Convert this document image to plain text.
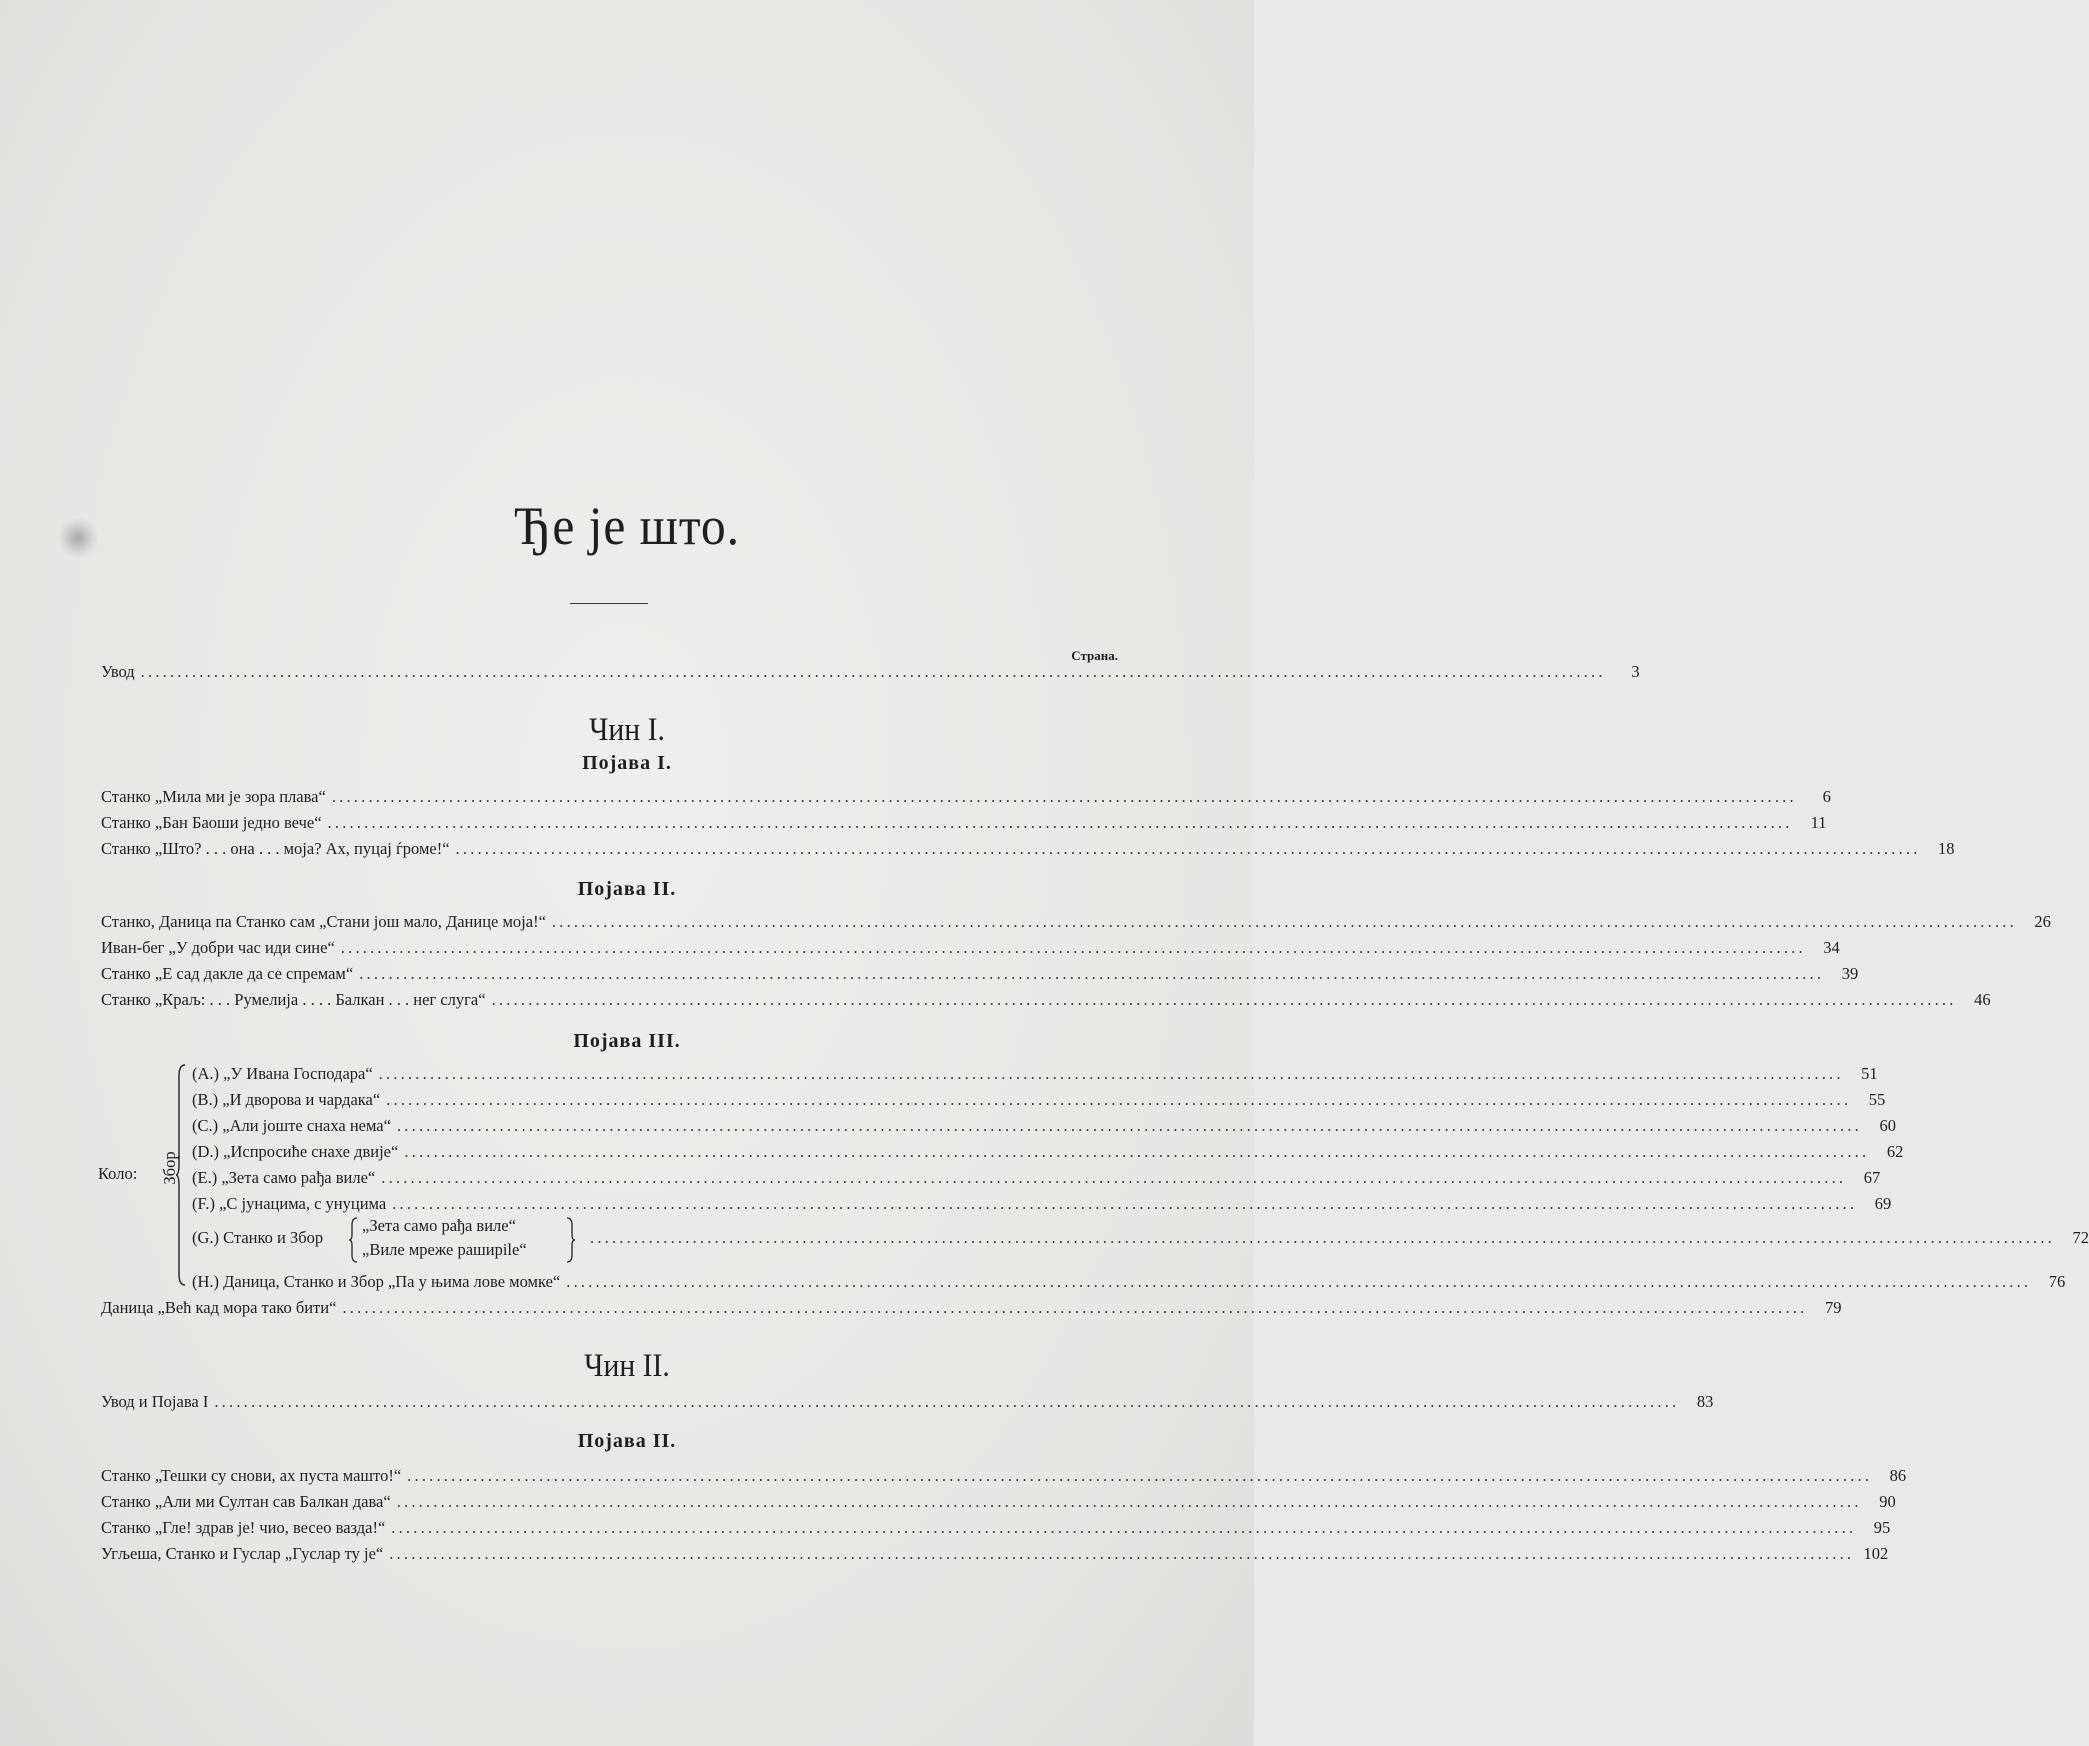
Ђе је што.
Страна.
Увод ........................................................................................................................................................................................................	3
Чин I.
Појава I.
Станко „Мила ми је зора плава“ ........................................................................................................................................................................................................	6
Станко „Бан Баоши једно вече“ ........................................................................................................................................................................................................	11
Станко „Што? . . . она . . . моја? Ах, пуцај ѓроме!“ ........................................................................................................................................................................................................	18
Појава II.
Станко, Даница па Станко сам „Стани још мало, Данице моја!“ ........................................................................................................................................................................................................	26
Иван-бег „У добри час иди сине“ ........................................................................................................................................................................................................	34
Станко „Е сад дакле да се спремам“ ........................................................................................................................................................................................................	39
Станко „Краљ: . . . Румелија . . . . Балкан . . . нег слуга“ ........................................................................................................................................................................................................	46
Појава III.
Коло: Збор
(А.) „У Ивана Господара“ ........................................................................................................................................................................................................	51
(B.) „И дворова и чардака“ ........................................................................................................................................................................................................	55
(C.) „Али јоште снаха нема“ ........................................................................................................................................................................................................	60
(D.) „Испросиће снахе двије“ ........................................................................................................................................................................................................	62
(E.) „Зета само рађа виле“ ........................................................................................................................................................................................................	67
(F.) „С јунацима, с унуцима ........................................................................................................................................................................................................	69
(G.) Станко и Збор
„Зета само рађа виле“
„Виле мреже раширile“
........................................................................................................................................................................................................	72
(H.) Даница, Станко и Збор „Па у њима лове момке“ ........................................................................................................................................................................................................	76
Даница „Већ кад мора тако бити“ ........................................................................................................................................................................................................	79
Чин II.
Увод и Појава I ........................................................................................................................................................................................................	83
Појава II.
Станко „Тешки су снови, ах пуста машто!“ ........................................................................................................................................................................................................	86
Станко „Али ми Султан сав Балкан дава“ ........................................................................................................................................................................................................	90
Станко „Гле! здрав је! чио, весео вазда!“ ........................................................................................................................................................................................................	95
Угљеша, Станко и Гуслар „Гуслар ту је“ ........................................................................................................................................................................................................ 102
